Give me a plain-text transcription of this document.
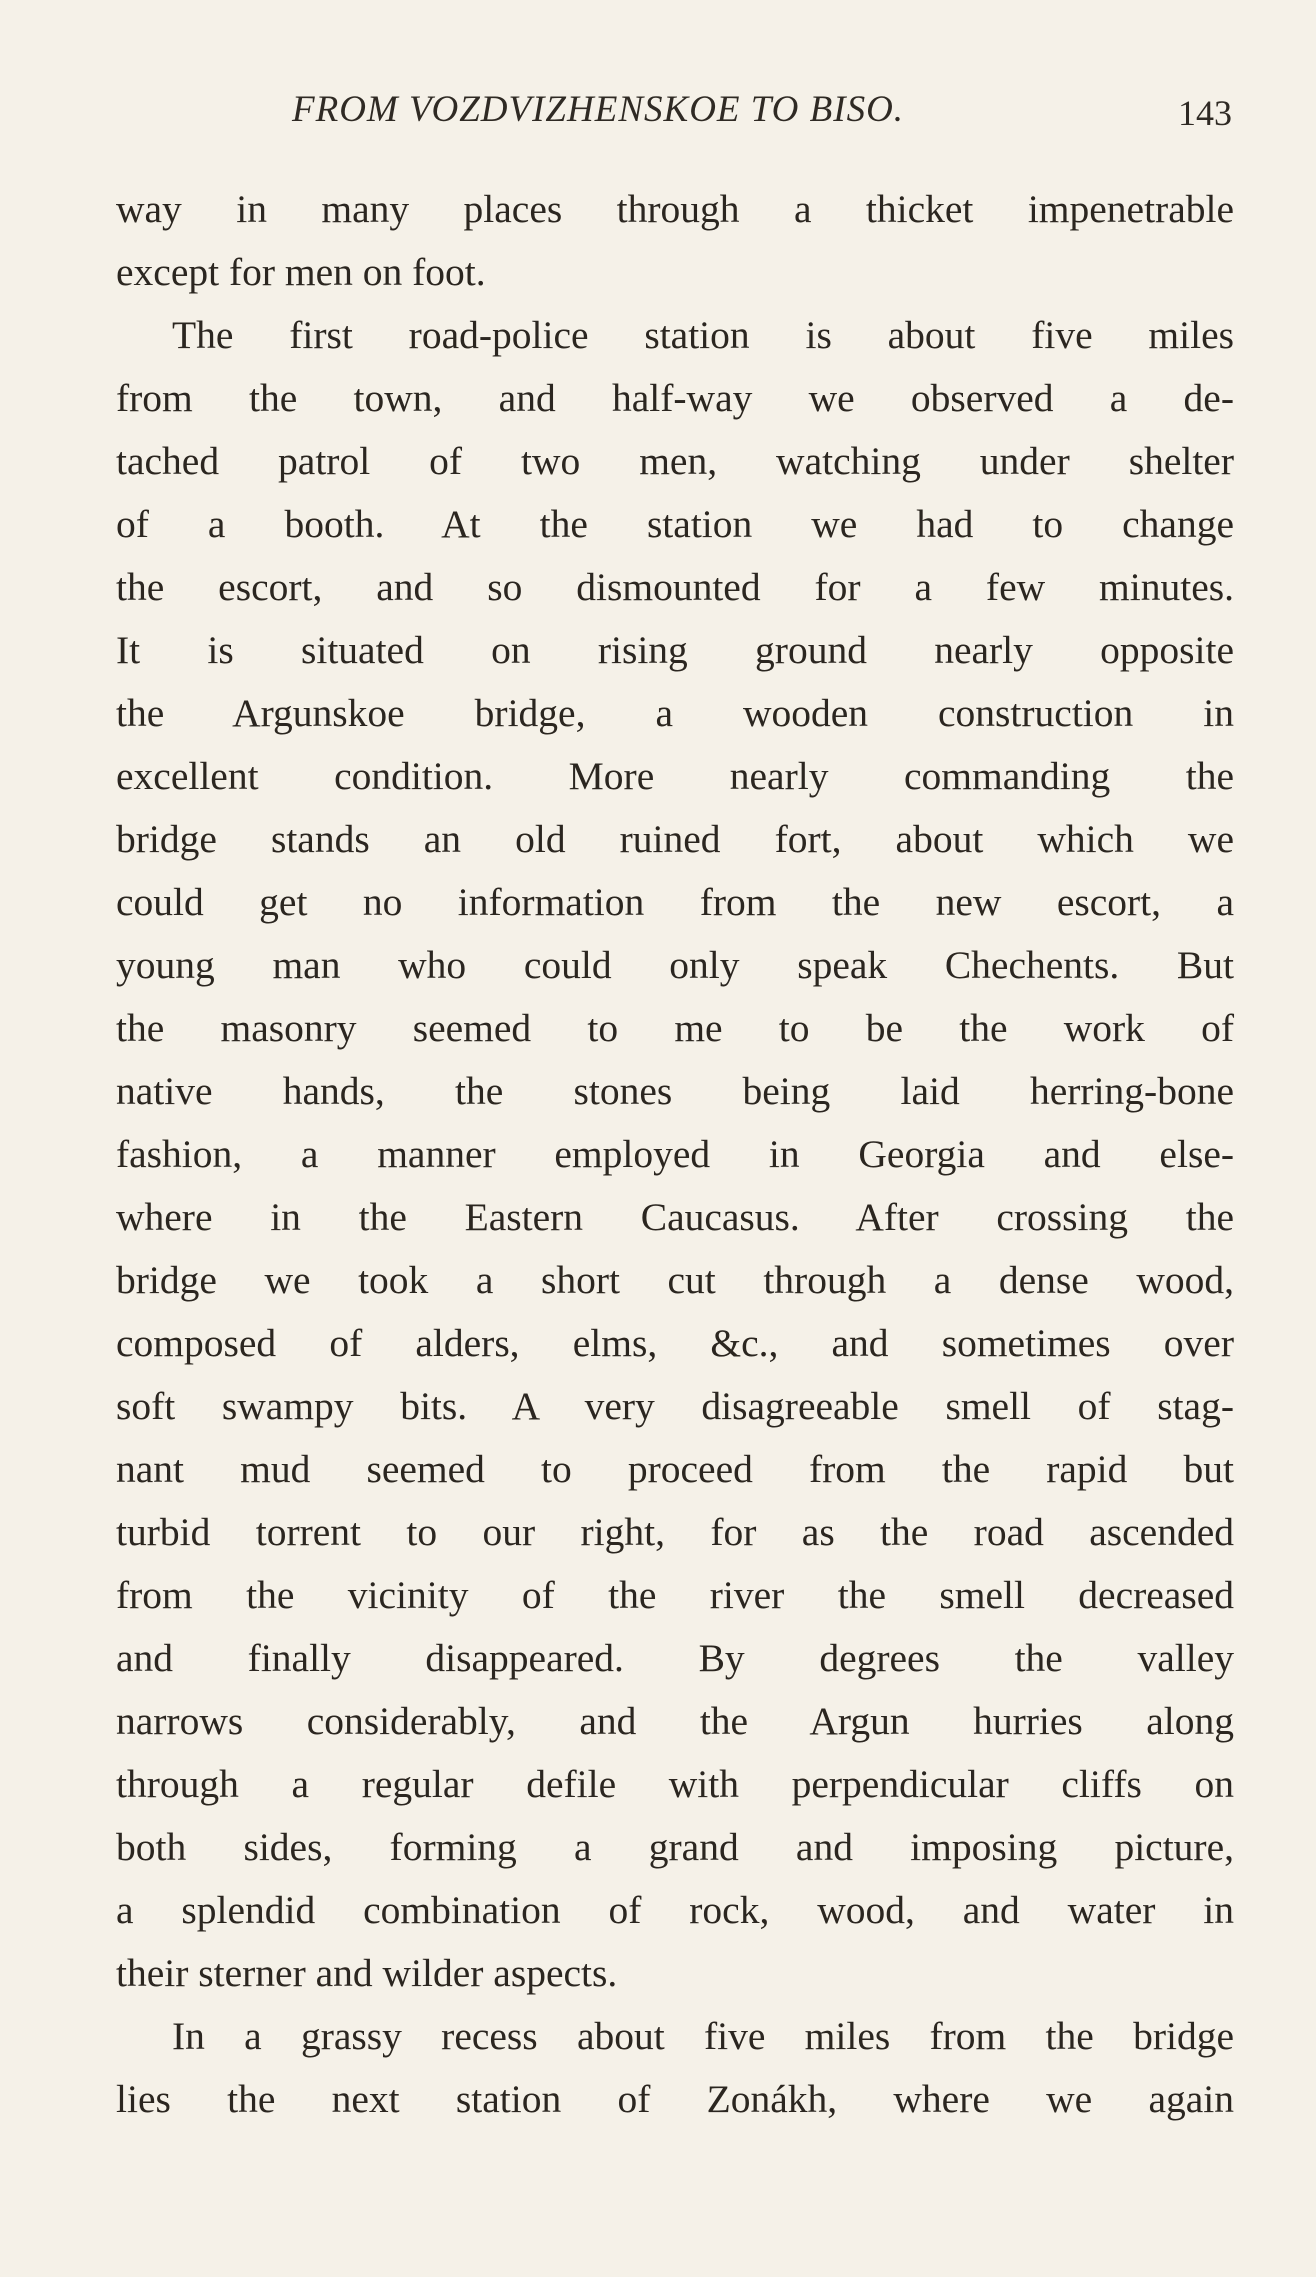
FROM VOZDVIZHENSKOE TO BISO.	143
way in many places through a thicket impenetrable
except for men on foot.
The first road-police station is about five miles
from the town, and half-way we observed a de-
tached patrol of two men, watching under shelter
of a booth. At the station we had to change
the escort, and so dismounted for a few minutes.
It is situated on rising ground nearly opposite
the Argunskoe bridge, a wooden construction in
excellent condition. More nearly commanding the
bridge stands an old ruined fort, about which we
could get no information from the new escort, a
young man who could only speak Chechents. But
the masonry seemed to me to be the work of
native hands, the stones being laid herring-bone
fashion, a manner employed in Georgia and else-
where in the Eastern Caucasus. After crossing the
bridge we took a short cut through a dense wood,
composed of alders, elms, &c., and sometimes over
soft swampy bits. A very disagreeable smell of stag-
nant mud seemed to proceed from the rapid but
turbid torrent to our right, for as the road ascended
from the vicinity of the river the smell decreased
and finally disappeared. By degrees the valley
narrows considerably, and the Argun hurries along
through a regular defile with perpendicular cliffs on
both sides, forming a grand and imposing picture,
a splendid combination of rock, wood, and water in
their sterner and wilder aspects.
In a grassy recess about five miles from the bridge
lies the next station of Zonákh, where we again
